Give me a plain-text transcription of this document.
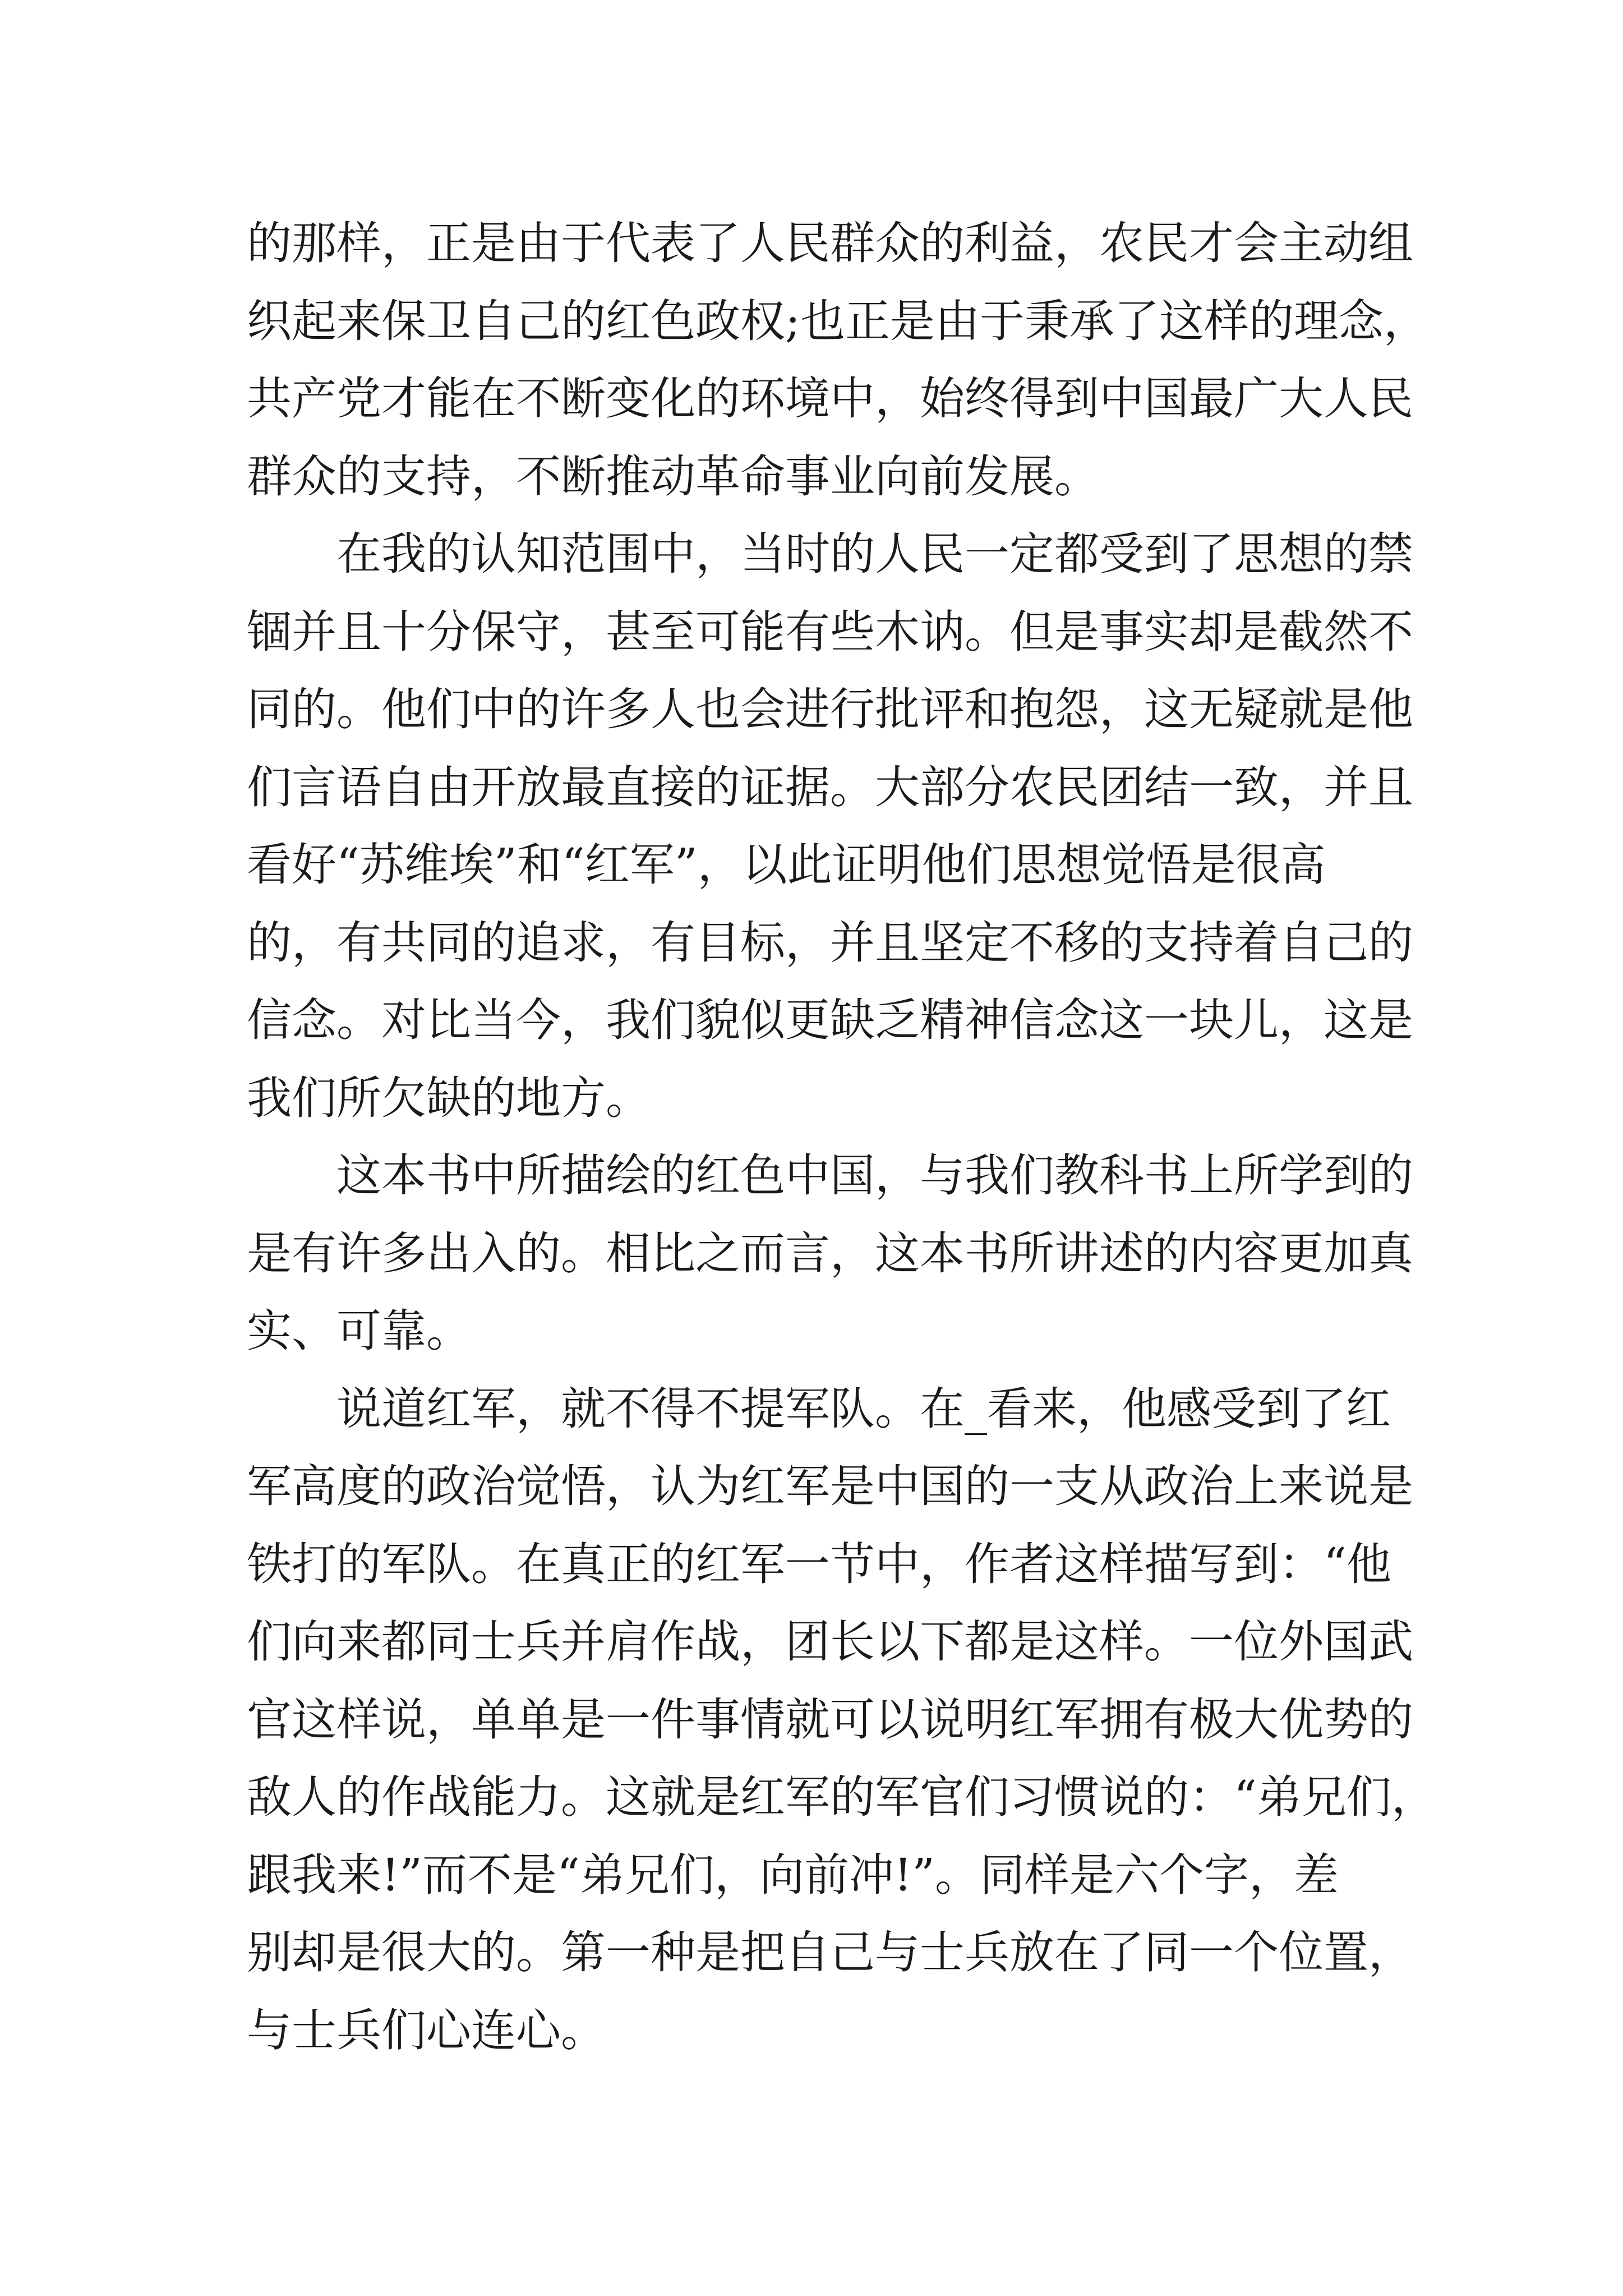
的那样，正是由于代表了人民群众的利益，农民才会主动组
织起来保卫自己的红色政权;也正是由于秉承了这样的理念，
共产党才能在不断变化的环境中，始终得到中国最广大人民
群众的支持，不断推动革命事业向前发展。
在我的认知范围中，当时的人民一定都受到了思想的禁
锢并且十分保守，甚至可能有些木讷。但是事实却是截然不
同的。他们中的许多人也会进行批评和抱怨，这无疑就是他
们言语自由开放最直接的证据。大部分农民团结一致，并且
看好“苏维埃”和“红军”，以此证明他们思想觉悟是很高
的，有共同的追求，有目标，并且坚定不移的支持着自己的
信念。对比当今，我们貌似更缺乏精神信念这一块儿，这是
我们所欠缺的地方。
这本书中所描绘的红色中国，与我们教科书上所学到的
是有许多出入的。相比之而言，这本书所讲述的内容更加真
实、可靠。
说道红军，就不得不提军队。在_看来，他感受到了红
军高度的政治觉悟，认为红军是中国的一支从政治上来说是
铁打的军队。在真正的红军一节中，作者这样描写到：“他
们向来都同士兵并肩作战，团长以下都是这样。一位外国武
官这样说，单单是一件事情就可以说明红军拥有极大优势的
敌人的作战能力。这就是红军的军官们习惯说的：“弟兄们，
跟我来!”而不是“弟兄们，向前冲!”。同样是六个字，差
别却是很大的。第一种是把自己与士兵放在了同一个位置，
与士兵们心连心。
